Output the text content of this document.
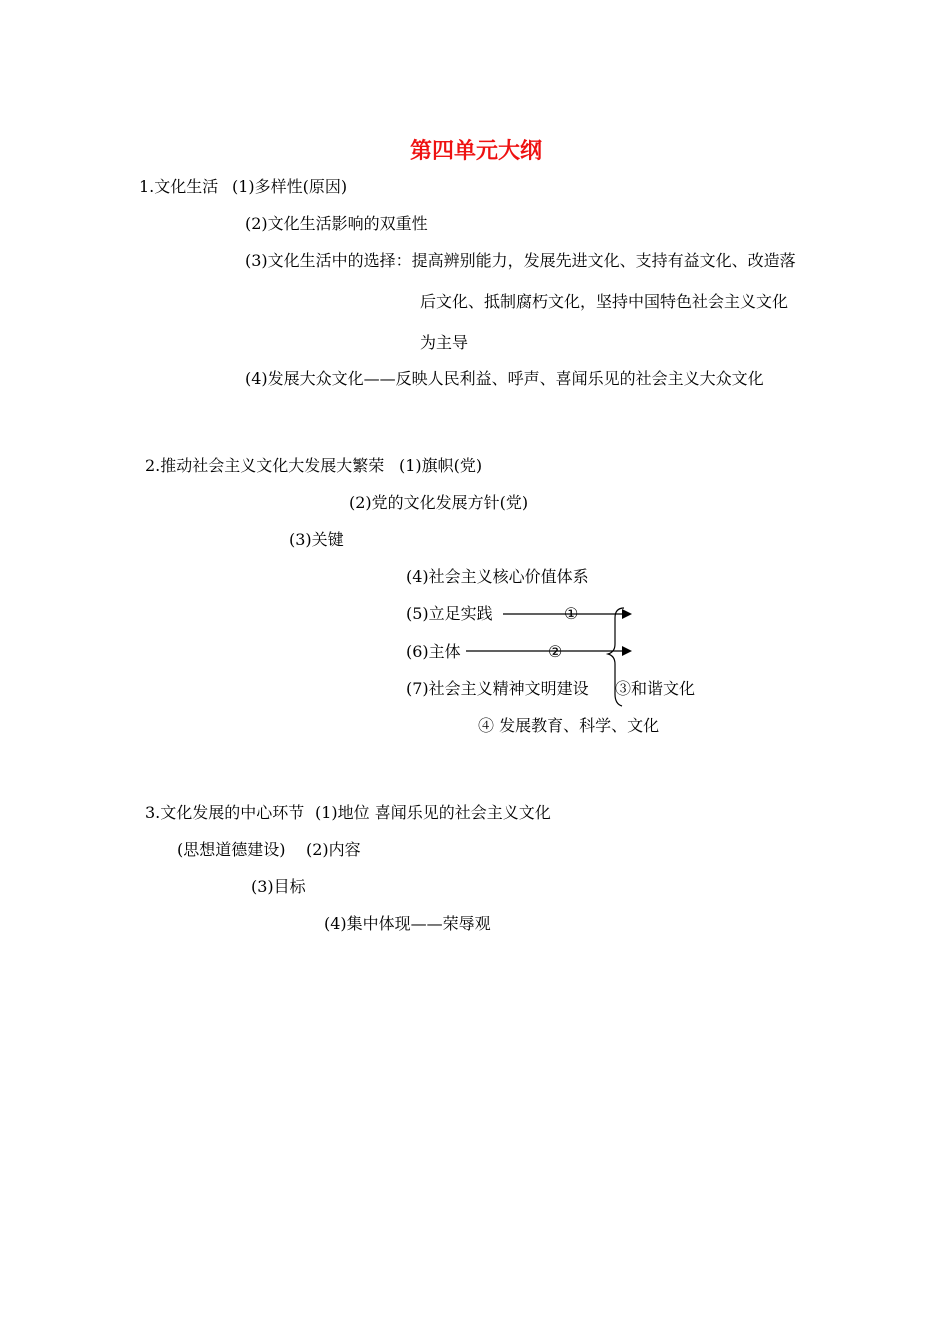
第四单元大纲
1.文化生活 (1)多样性(原因)
(2)文化生活影响的双重性
(3)文化生活中的选择：提高辨别能力，发展先进文化、支持有益文化、改造落
后文化、抵制腐朽文化，坚持中国特色社会主义文化
为主导
(4)发展大众文化——反映人民利益、呼声、喜闻乐见的社会主义大众文化
2.推动社会主义文化大发展大繁荣 (1)旗帜(党)
(2)党的文化发展方针(党)
(3)关键
(4)社会主义核心价值体系
(5)立足实践
(6)主体
(7)社会主义精神文明建设
①
②
③和谐文化
④ 发展教育、科学、文化
3.文化发展的中心环节 (1)地位 喜闻乐见的社会主义文化
(思想道德建设) (2)内容
(3)目标
(4)集中体现——荣辱观
